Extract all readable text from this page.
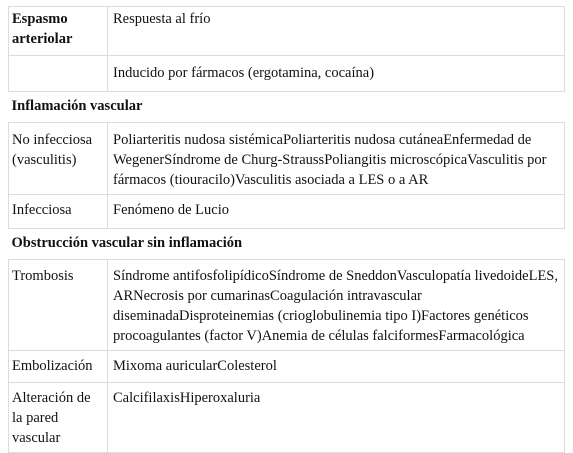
Espasmo arteriolar	Respuesta al frío
	Inducido por fármacos (ergotamina, cocaína)
Inflamación vascular	
No infecciosa (vasculitis)	Poliarteritis nudosa sistémicaPoliarteritis nudosa cutáneaEnfermedad de WegenerSíndrome de Churg-StraussPoliangitis microscópicaVasculitis por fármacos (tiouracilo)Vasculitis asociada a LES o a AR
Infecciosa	Fenómeno de Lucio
Obstrucción vascular sin inflamación	
Trombosis	Síndrome antifosfolipídicoSíndrome de SneddonVasculopatía livedoideLES, ARNecrosis por cumarinasCoagulación intravascular diseminadaDisproteinemias (crioglobulinemia tipo I)Factores genéticos procoagulantes (factor V)Anemia de células falciformesFarmacológica
Embolización	Mixoma auricularColesterol
Alteración de la pared vascular	CalcifilaxisHiperoxaluria
